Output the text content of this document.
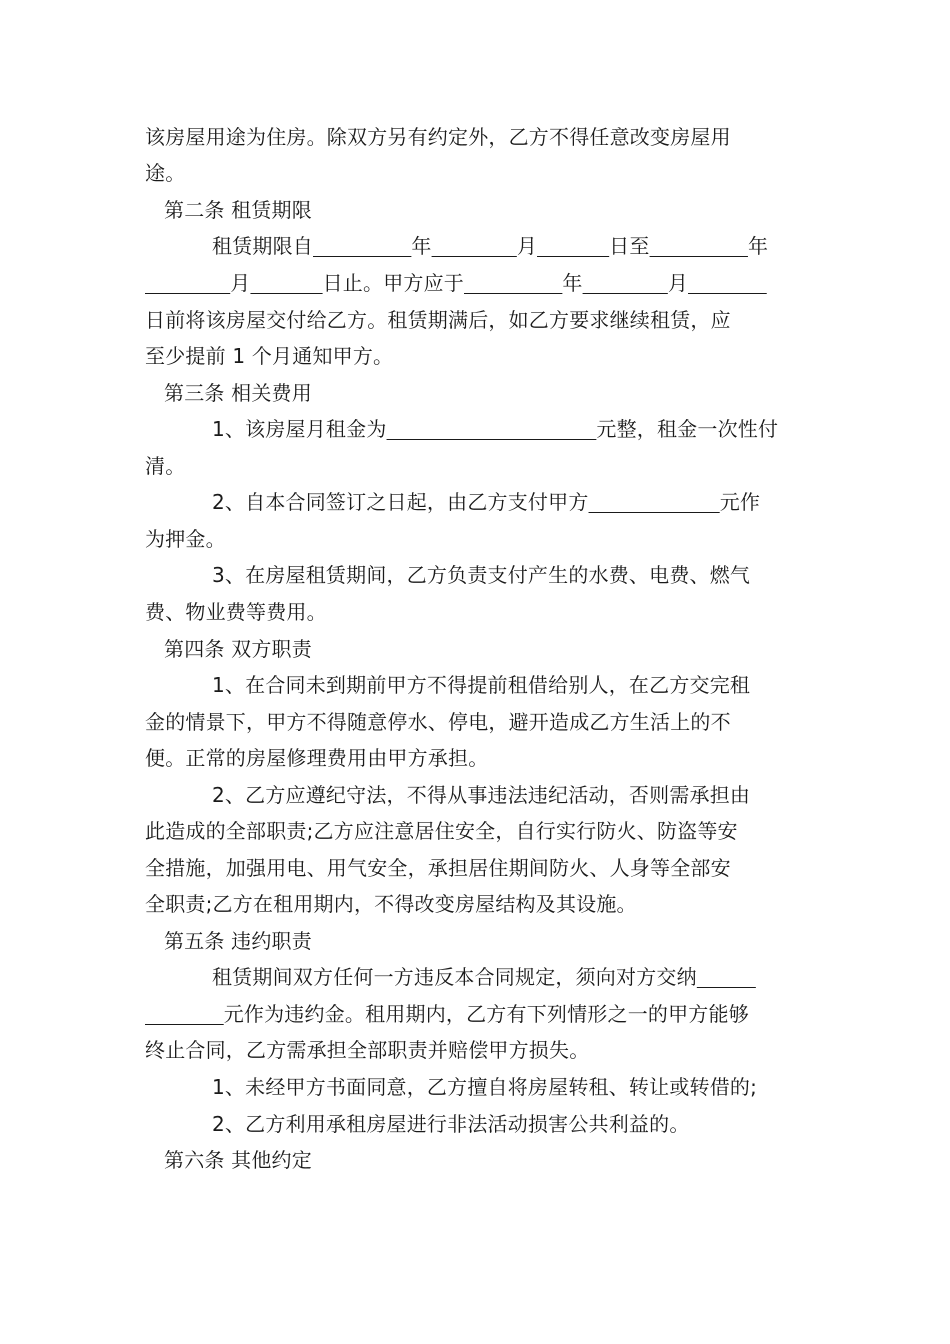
该房屋用途为住房。除双方另有约定外，乙方不得任意改变房屋用
途。
第二条 租赁期限
租赁期限自	年	月	日至	年
月	日止。甲方应于	年	月
日前将该房屋交付给乙方。租赁期满后，如乙方要求继续租赁，应
至少提前 1 个月通知甲方。
第三条 相关费用
1、该房屋月租金为	元整，租金一次性付
清。
2、自本合同签订之日起，由乙方支付甲方	元作
为押金。
3、在房屋租赁期间，乙方负责支付产生的水费、电费、燃气
费、物业费等费用。
第四条 双方职责
1、在合同未到期前甲方不得提前租借给别人，在乙方交完租
金的情景下，甲方不得随意停水、停电，避开造成乙方生活上的不
便。正常的房屋修理费用由甲方承担。
2、乙方应遵纪守法，不得从事违法违纪活动，否则需承担由
此造成的全部职责;乙方应注意居住安全，自行实行防火、防盗等安
全措施，加强用电、用气安全，承担居住期间防火、人身等全部安
全职责;乙方在租用期内，不得改变房屋结构及其设施。
第五条 违约职责
租赁期间双方任何一方违反本合同规定，须向对方交纳
元作为违约金。租用期内，乙方有下列情形之一的甲方能够
终止合同，乙方需承担全部职责并赔偿甲方损失。
1、未经甲方书面同意，乙方擅自将房屋转租、转让或转借的;
2、乙方利用承租房屋进行非法活动损害公共利益的。
第六条 其他约定
